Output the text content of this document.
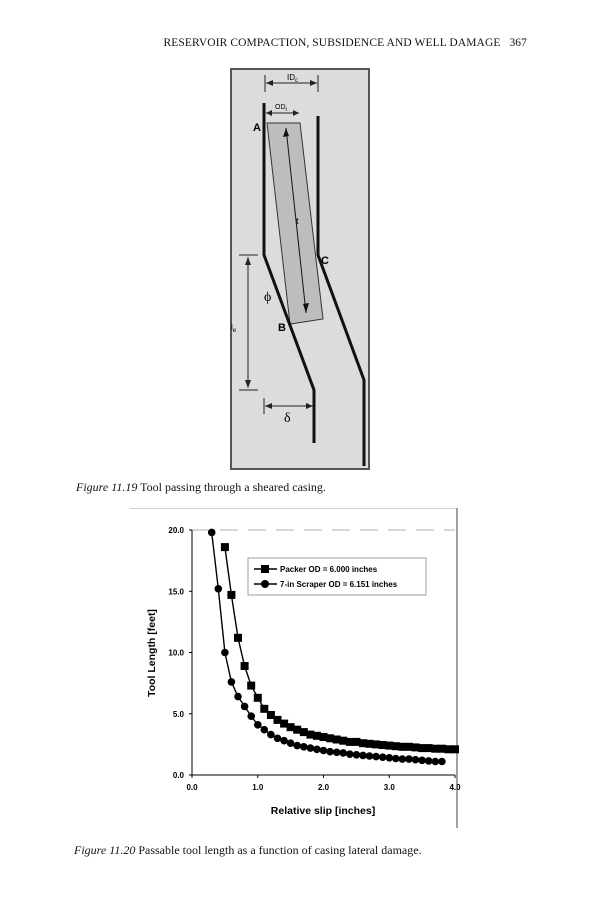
RESERVOIR COMPACTION, SUBSIDENCE AND WELL DAMAGE 367
$ID_c$
$OD_t$
t
A
B
C
ϕ
$l_e$
δ
Figure 11.19 Tool passing through a sheared casing.
0.0
5.0
10.0
15.0
20.0
0.0	1.0	2.0	3.0	4.0
Packer OD = 6.000 inches
7-in Scraper OD = 6.151 inches
Relative slip [inches]
Tool Length [feet]
Figure 11.20 Passable tool length as a function of casing lateral damage.
